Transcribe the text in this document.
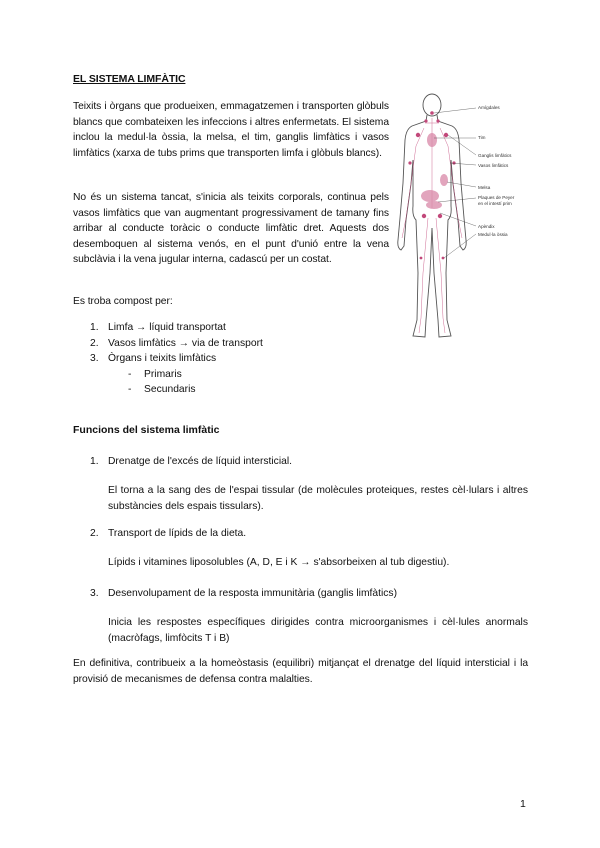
EL SISTEMA LIMFÀTIC

Teixits i òrgans que produeixen, emmagatzemen i transporten glòbuls blancs que combateixen les infeccions i altres enfermetats. El sistema inclou la medul·la òssia, la melsa, el tim, ganglis limfàtics i vasos limfàtics (xarxa de tubs prims que transporten limfa i glòbuls blancs).

No és un sistema tancat, s'inicia als teixits corporals, continua pels vasos limfàtics que van augmentant progressivament de tamany fins arribar al conducte toràcic o conducte limfàtic dret. Aquests dos desemboquen al sistema venós, en el punt d'unió entre la vena subclàvia i la vena jugular interna, cadascú per un costat.

Es troba compost per:

1. Limfa → líquid transportat
2. Vasos limfàtics → via de transport
3. Òrgans i teixits limfàtics
- Primaris
- Secundaris
Amígdales
Tim
Ganglis limfàtics
Vasos limfàtics
Melsa
Plaques de Peyer
en el intestí prim
Apèndix
Medul·la òssia
Funcions del sistema limfàtic
1. Drenatge de l'excés de líquid intersticial.

El torna a la sang des de l'espai tissular (de molècules proteiques, restes cèl·lulars i altres substàncies dels espais tissulars).

2. Transport de lípids de la dieta.

Lípids i vitamines liposolubles (A, D, E i K → s'absorbeixen al tub digestiu).

3. Desenvolupament de la resposta immunitària (ganglis limfàtics)

Inicia les respostes específiques dirigides contra microorganismes i cèl·lules anormals (macròfags, limfòcits T i B)

En definitiva, contribueix a la homeòstasis (equilibri) mitjançat el drenatge del líquid intersticial i la provisió de mecanismes de defensa contra malalties.

1
